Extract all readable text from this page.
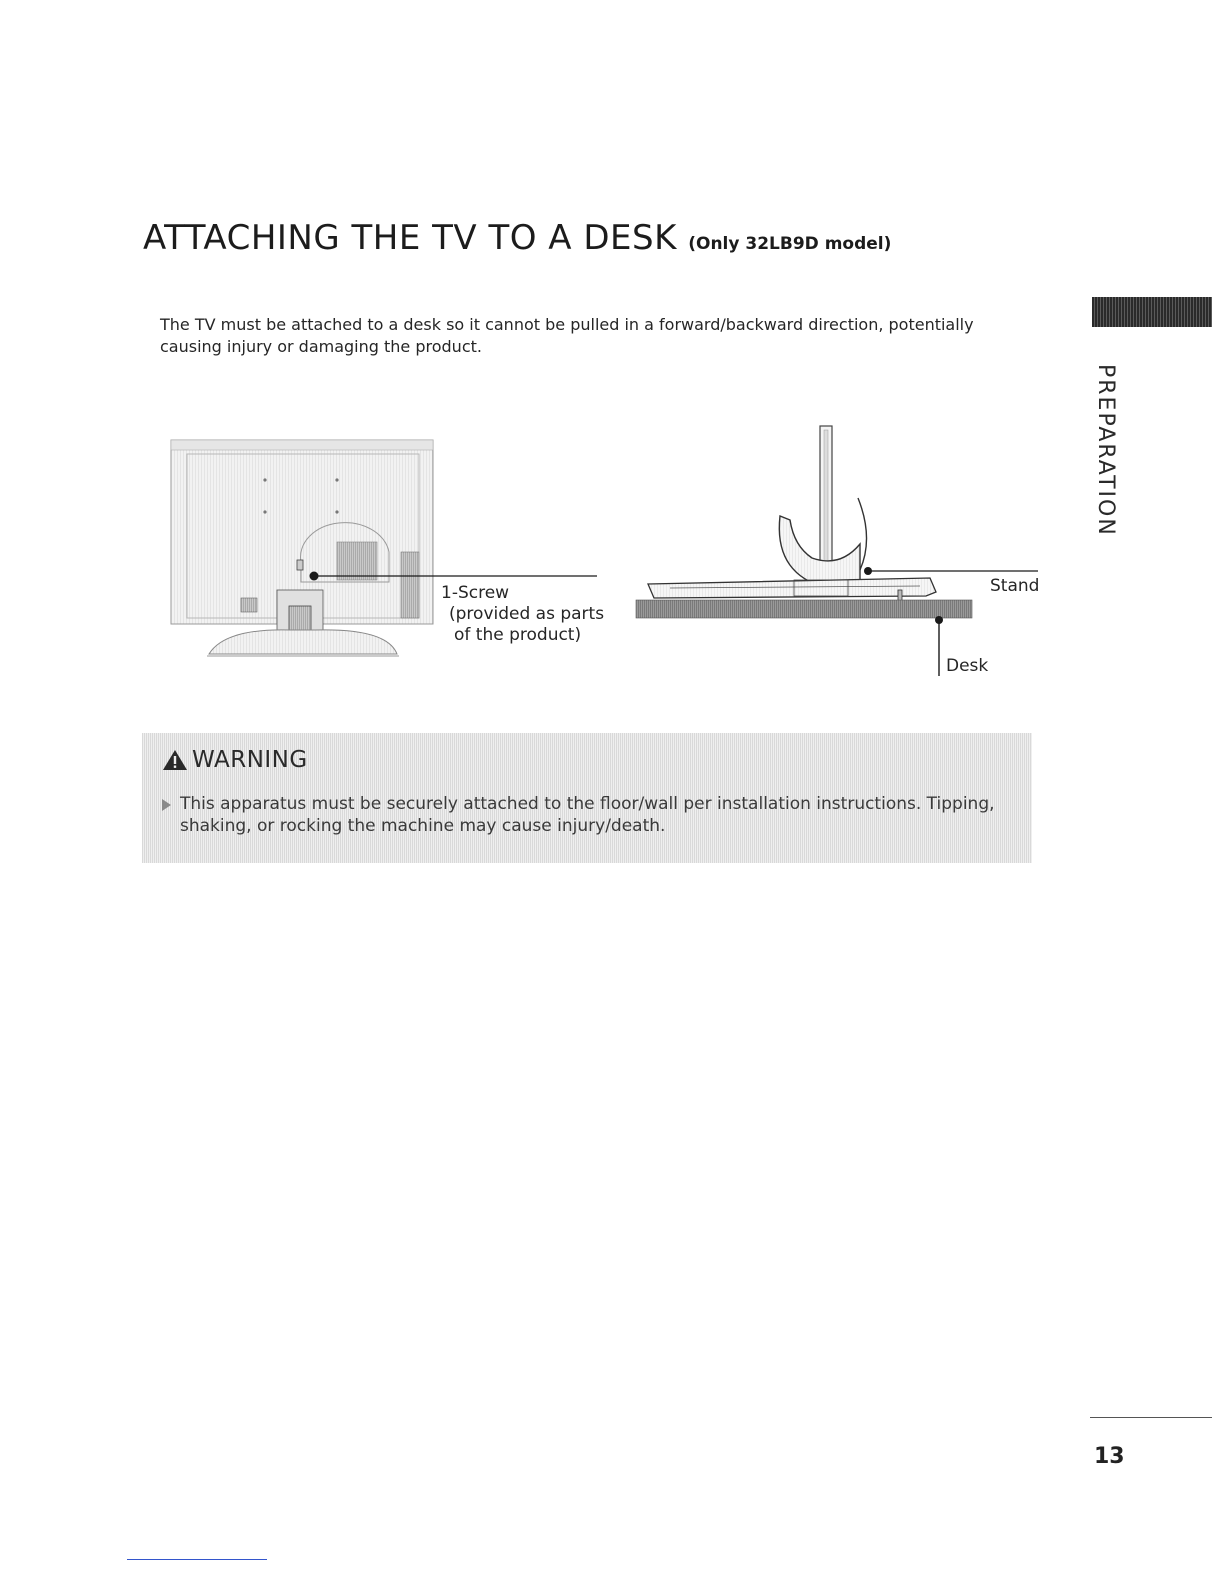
ATTACHING THE TV TO A DESK (Only 32LB9D model)

The TV must be attached to a desk so it cannot be pulled in a forward/backward direction, potentially causing injury or damaging the product.

PREPARATION
1-Screw
(provided as parts
of the product)
Stand
Desk
WARNING

This apparatus must be securely attached to the floor/wall per installation instructions. Tipping, shaking, or rocking the machine may cause injury/death.

13
